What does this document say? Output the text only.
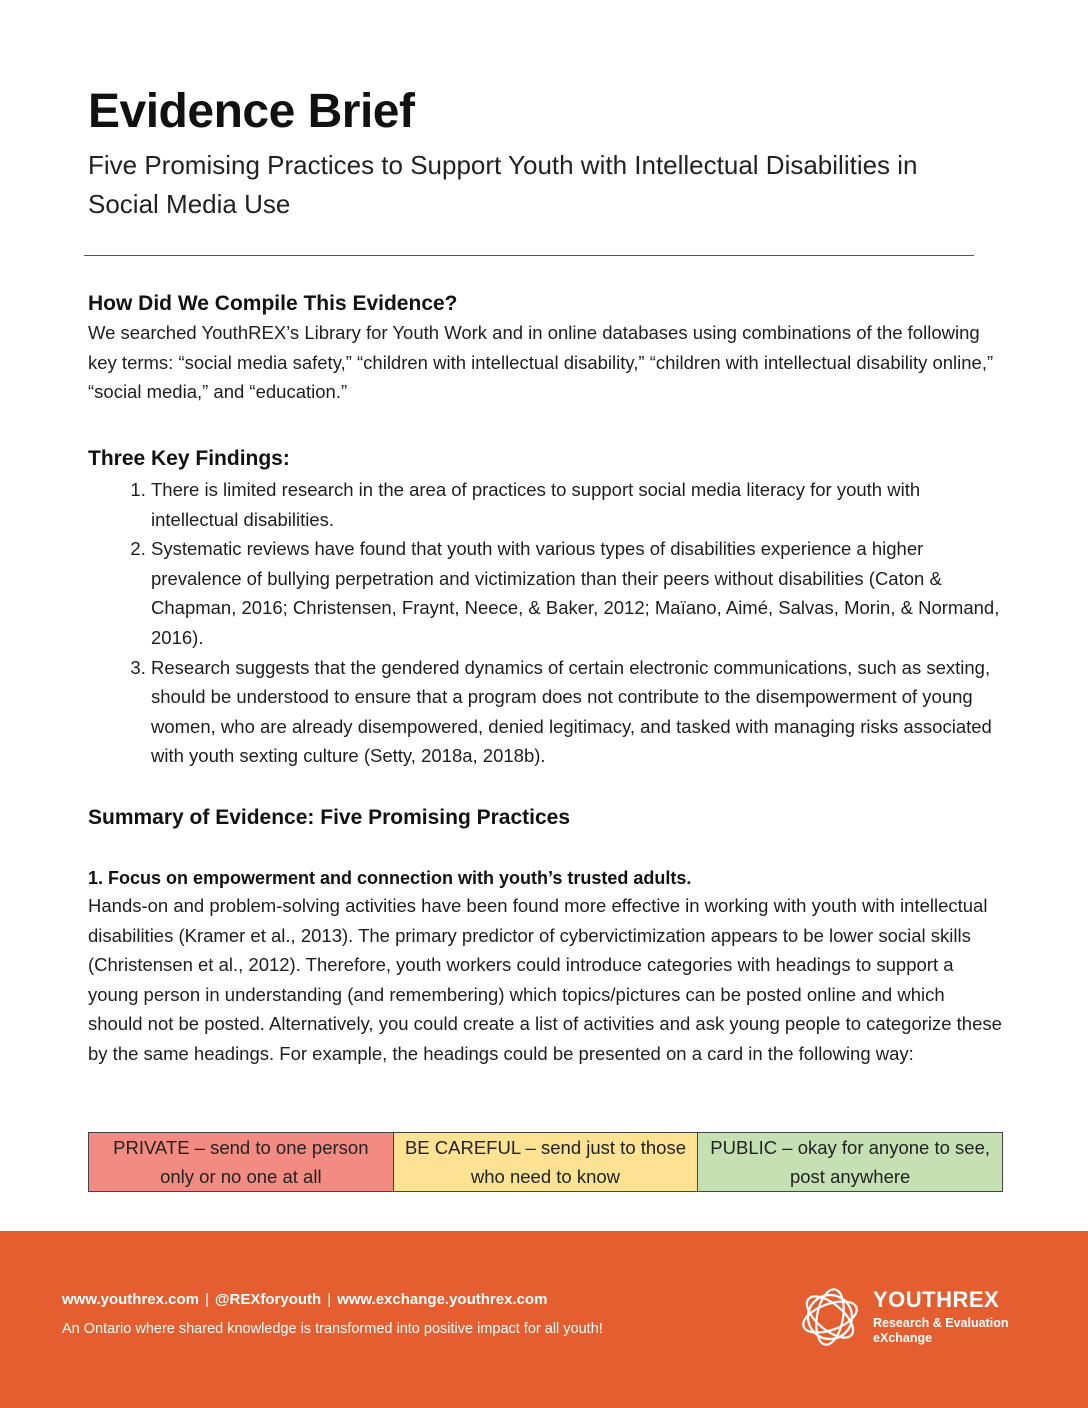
Evidence Brief

Five Promising Practices to Support Youth with Intellectual Disabilities in Social Media Use

How Did We Compile This Evidence?

We searched YouthREX’s Library for Youth Work and in online databases using combinations of the following key terms: “social media safety,” “children with intellectual disability,” “children with intellectual disability online,” “social media,” and “education.”

Three Key Findings:
1. There is limited research in the area of practices to support social media literacy for youth with intellectual disabilities.
2. Systematic reviews have found that youth with various types of disabilities experience a higher prevalence of bullying perpetration and victimization than their peers without disabilities (Caton & Chapman, 2016; Christensen, Fraynt, Neece, & Baker, 2012; Maïano, Aimé, Salvas, Morin, & Normand, 2016).
3. Research suggests that the gendered dynamics of certain electronic communications, such as sexting, should be understood to ensure that a program does not contribute to the disempowerment of young women, who are already disempowered, denied legitimacy, and tasked with managing risks associated with youth sexting culture (Setty, 2018a, 2018b).
Summary of Evidence: Five Promising Practices
1. Focus on empowerment and connection with youth’s trusted adults.

Hands-on and problem-solving activities have been found more effective in working with youth with intellectual disabilities (Kramer et al., 2013). The primary predictor of cybervictimization appears to be lower social skills (Christensen et al., 2012). Therefore, youth workers could introduce categories with headings to support a young person in understanding (and remembering) which topics/pictures can be posted online and which should not be posted. Alternatively, you could create a list of activities and ask young people to categorize these by the same headings. For example, the headings could be presented on a card in the following way:

PRIVATE – send to one person only or no one at all	BE CAREFUL – send just to those who need to know	PUBLIC – okay for anyone to see, post anywhere
www.youthrex.com | @REXforyouth | www.exchange.youthrex.com
An Ontario where shared knowledge is transformed into positive impact for all youth!
YOUTHREX
Research & Evaluation eXchange
